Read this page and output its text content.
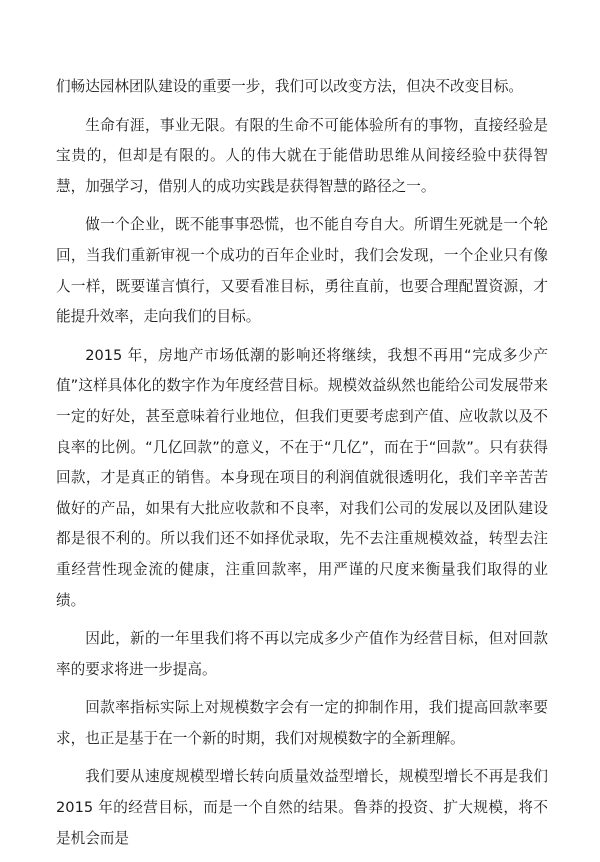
们畅达园林团队建设的重要一步，我们可以改变方法，但决不改变目标。

生命有涯，事业无限。有限的生命不可能体验所有的事物，直接经验是宝贵的，但却是有限的。人的伟大就在于能借助思维从间接经验中获得智慧，加强学习，借别人的成功实践是获得智慧的路径之一。

做一个企业，既不能事事恐慌，也不能自夸自大。所谓生死就是一个轮回，当我们重新审视一个成功的百年企业时，我们会发现，一个企业只有像人一样，既要谨言慎行，又要看准目标，勇往直前，也要合理配置资源，才能提升效率，走向我们的目标。

2015 年，房地产市场低潮的影响还将继续，我想不再用“完成多少产值”这样具体化的数字作为年度经营目标。规模效益纵然也能给公司发展带来一定的好处，甚至意味着行业地位，但我们更要考虑到产值、应收款以及不良率的比例。“几亿回款”的意义，不在于“几亿”，而在于“回款”。只有获得回款，才是真正的销售。本身现在项目的利润值就很透明化，我们辛辛苦苦做好的产品，如果有大批应收款和不良率，对我们公司的发展以及团队建设都是很不利的。所以我们还不如择优录取，先不去注重规模效益，转型去注重经营性现金流的健康，注重回款率，用严谨的尺度来衡量我们取得的业绩。

因此，新的一年里我们将不再以完成多少产值作为经营目标，但对回款率的要求将进一步提高。

回款率指标实际上对规模数字会有一定的抑制作用，我们提高回款率要求，也正是基于在一个新的时期，我们对规模数字的全新理解。

我们要从速度规模型增长转向质量效益型增长，规模型增长不再是我们 2015 年的经营目标，而是一个自然的结果。鲁莽的投资、扩大规模，将不是机会而是
